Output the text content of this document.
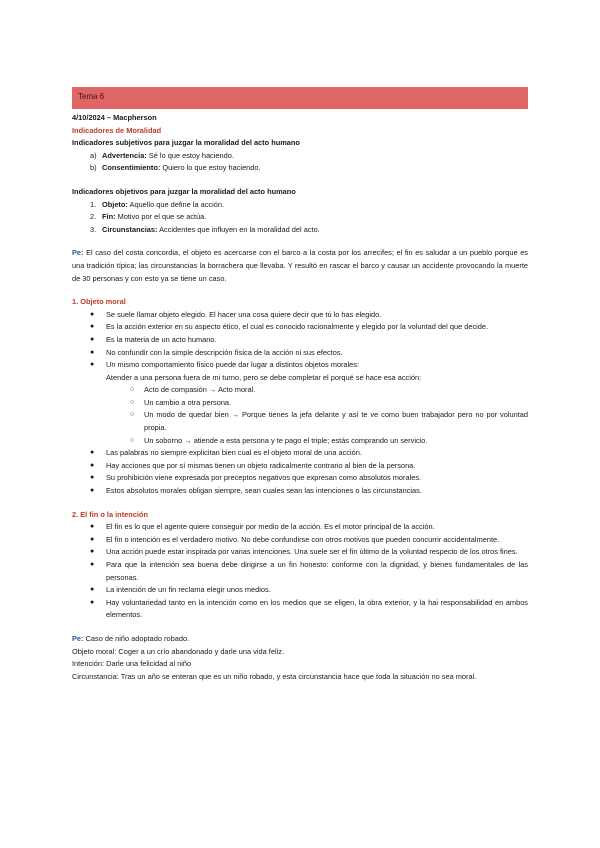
Tema 6
4/10/2024 – Macpherson
Indicadores de Moralidad
Indicadores subjetivos para juzgar la moralidad del acto humano
a) Advertencia: Sé lo que estoy haciendo.
b) Consentimiento: Quiero lo que estoy haciendo.
Indicadores objetivos para juzgar la moralidad del acto humano
1. Objeto: Aquello que define la acción.
2. Fin: Motivo por el que se actúa.
3. Circunstancias: Accidentes que influyen en la moralidad del acto.
Pe: El caso del costa concordia, el objeto es acercarse con el barco a la costa por los arrecifes; el fin es saludar a un pueblo porque es una tradición típica; las circunstancias la borrachera que llevaba. Y resultó en rascar el barco y causar un accidente provocando la muerte de 30 personas y con esto ya se tiene un caso.
1. Objeto moral
● Se suele llamar objeto elegido. El hacer una cosa quiere decir que tú lo has elegido.
● Es la acción exterior en su aspecto ético, el cual es conocido racionalmente y elegido por la voluntad del que decide.
● Es la materia de un acto humano.
● No confundir con la simple descripción física de la acción ni sus efectos.
● Un mismo comportamiento físico puede dar lugar a distintos objetos morales:
Atender a una persona fuera de mi turno, pero se debe completar el porqué se hace esa acción:
○ Acto de compasión → Acto moral.
○ Un cambio a otra persona.
○ Un modo de quedar bien → Porque tienes la jefa delante y así te ve como buen trabajador pero no por voluntad propia.
○ Un soborno → atiende a esta persona y te pago el triple; estás comprando un servicio.
● Las palabras no siempre explicitan bien cual es el objeto moral de una acción.
● Hay acciones que por sí mismas tienen un objeto radicalmente contrario al bien de la persona.
● Su prohibición viene expresada por preceptos negativos que expresan como absolutos morales.
● Estos absolutos morales obligan siempre, sean cuales sean las intenciones o las circunstancias.
2. El fin o la intención
● El fin es lo que el agente quiere conseguir por medio de la acción. Es el motor principal de la acción.
● El fin o intención es el verdadero motivo. No debe confundirse con otros motivos que pueden concurrir accidentalmente.
● Una acción puede estar inspirada por varias intenciones. Una suele ser el fin último de la voluntad respecto de los otros fines.
● Para que la intención sea buena debe dirigirse a un fin honesto: conforme con la dignidad, y bienes fundamentales de las personas.
● La intención de un fin reclama elegir unos medios.
● Hay voluntariedad tanto en la intención como en los medios que se eligen, la obra exterior, y la hai responsabilidad en ambos elementos.
Pe: Caso de niño adoptado robado.
Objeto moral: Coger a un crío abandonado y darle una vida feliz.
Intención: Darle una felicidad al niño
Circunstancia: Tras un año se enteran que es un niño robado, y esta circunstancia hace que toda la situación no sea moral.
